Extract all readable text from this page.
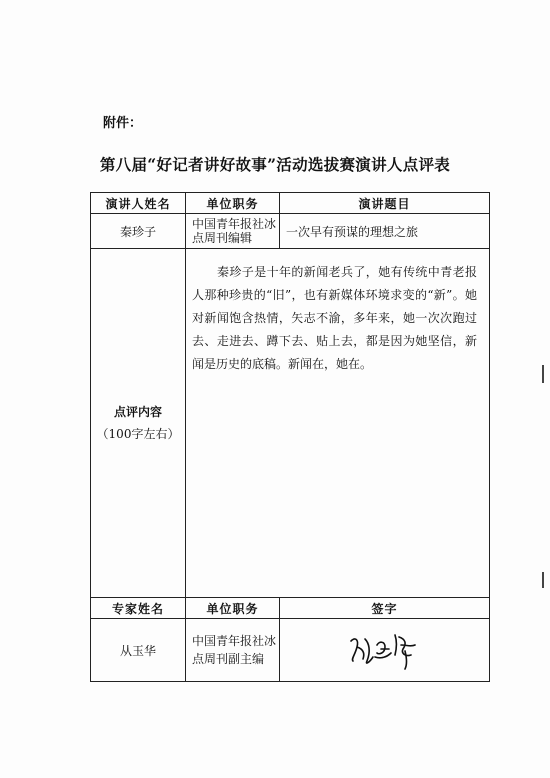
附件：
第八届“好记者讲好故事”活动选拔赛演讲人点评表
演讲人姓名	单位职务	演讲题目
秦珍子	中国青年报社冰点周刊编辑	一次早有预谋的理想之旅

点评内容
（100字左右）	秦珍子是十年的新闻老兵了，她有传统中青老报人那种珍贵的“旧”，也有新媒体环境求变的“新”。她对新闻饱含热情，矢志不渝，多年来，她一次次跑过去、走进去、蹲下去、贴上去，都是因为她坚信，新闻是历史的底稿。新闻在，她在。	
专家姓名	单位职务	签字
从玉华	中国青年报社冰点周刊副主编	
